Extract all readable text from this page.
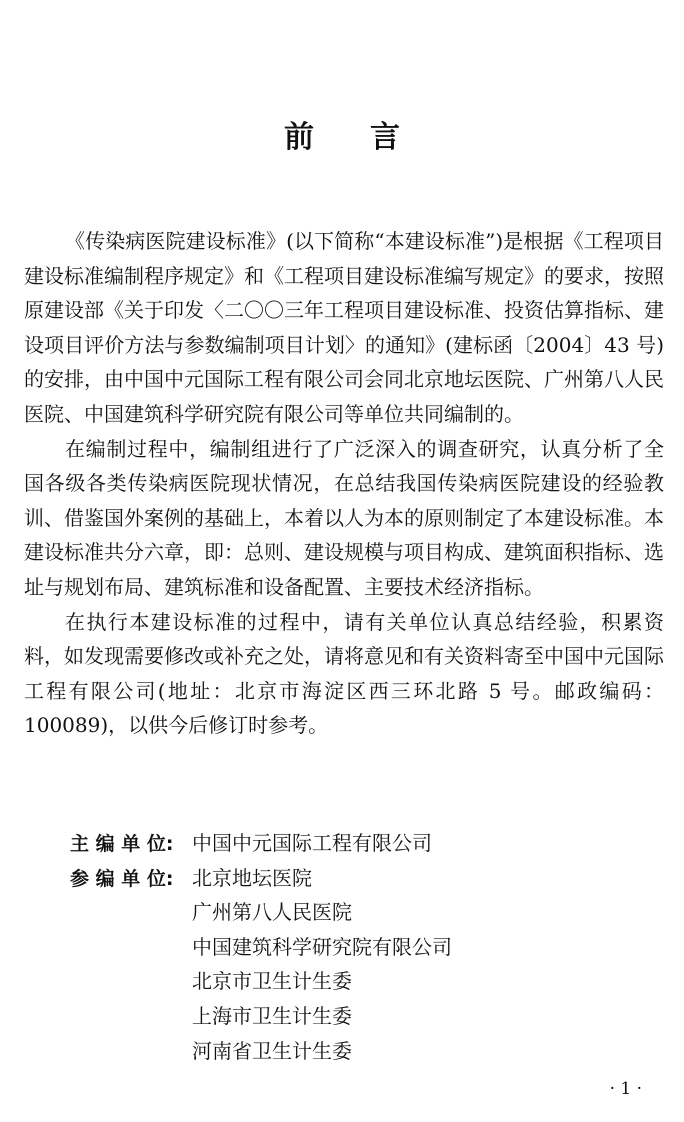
前 言

《传染病医院建设标准》(以下简称“本建设标准”)是根据《工程项目建设标准编制程序规定》和《工程项目建设标准编写规定》的要求，按照原建设部《关于印发〈二〇〇三年工程项目建设标准、投资估算指标、建设项目评价方法与参数编制项目计划〉的通知》(建标函〔2004〕43 号)的安排，由中国中元国际工程有限公司会同北京地坛医院、广州第八人民医院、中国建筑科学研究院有限公司等单位共同编制的。

在编制过程中，编制组进行了广泛深入的调查研究，认真分析了全国各级各类传染病医院现状情况，在总结我国传染病医院建设的经验教训、借鉴国外案例的基础上，本着以人为本的原则制定了本建设标准。本建设标准共分六章，即：总则、建设规模与项目构成、建筑面积指标、选址与规划布局、建筑标准和设备配置、主要技术经济指标。

在执行本建设标准的过程中，请有关单位认真总结经验，积累资料，如发现需要修改或补充之处，请将意见和有关资料寄至中国中元国际工程有限公司(地址：北京市海淀区西三环北路 5 号。邮政编码：100089)，以供今后修订时参考。

主 编 单 位: 中国中元国际工程有限公司
参 编 单 位: 北京地坛医院
广州第八人民医院
中国建筑科学研究院有限公司
北京市卫生计生委
上海市卫生计生委
河南省卫生计生委
· 1 ·
